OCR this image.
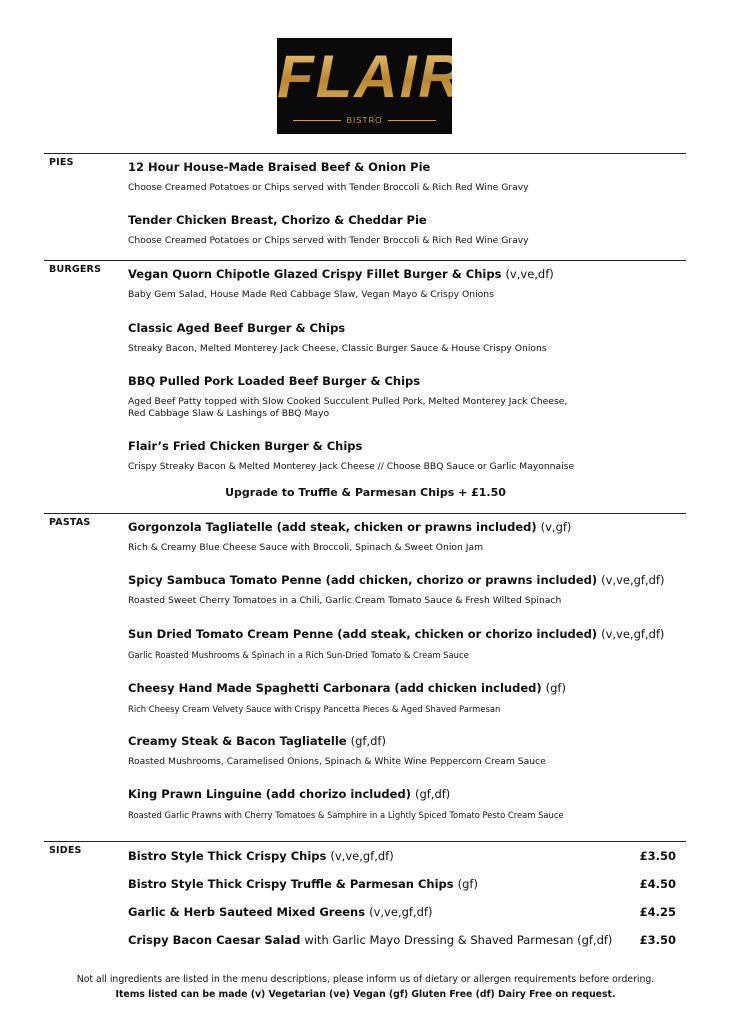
FLAIR
BISTRO
PIES	12 Hour House-Made Braised Beef & Onion Pie
Choose Creamed Potatoes or Chips served with Tender Broccoli & Rich Red Wine Gravy
Tender Chicken Breast, Chorizo & Cheddar Pie
Choose Creamed Potatoes or Chips served with Tender Broccoli & Rich Red Wine Gravy
BURGERS Vegan Quorn Chipotle Glazed Crispy Fillet Burger & Chips (v,ve,df)
Baby Gem Salad, House Made Red Cabbage Slaw, Vegan Mayo & Crispy Onions
Classic Aged Beef Burger & Chips
Streaky Bacon, Melted Monterey Jack Cheese, Classic Burger Sauce & House Crispy Onions
BBQ Pulled Pork Loaded Beef Burger & Chips
Aged Beef Patty topped with Slow Cooked Succulent Pulled Pork, Melted Monterey Jack Cheese,
Red Cabbage Slaw & Lashings of BBQ Mayo
Flair’s Fried Chicken Burger & Chips
Crispy Streaky Bacon & Melted Monterey Jack Cheese // Choose BBQ Sauce or Garlic Mayonnaise
Upgrade to Truffle & Parmesan Chips + £1.50
PASTAS	Gorgonzola Tagliatelle (add steak, chicken or prawns included) (v,gf)
Rich & Creamy Blue Cheese Sauce with Broccoli, Spinach & Sweet Onion Jam
Spicy Sambuca Tomato Penne (add chicken, chorizo or prawns included) (v,ve,gf,df)
Roasted Sweet Cherry Tomatoes in a Chili, Garlic Cream Tomato Sauce & Fresh Wilted Spinach
Sun Dried Tomato Cream Penne (add steak, chicken or chorizo included) (v,ve,gf,df)
Garlic Roasted Mushrooms & Spinach in a Rich Sun-Dried Tomato & Cream Sauce
Cheesy Hand Made Spaghetti Carbonara (add chicken included) (gf)
Rich Cheesy Cream Velvety Sauce with Crispy Pancetta Pieces & Aged Shaved Parmesan
Creamy Steak & Bacon Tagliatelle (gf,df)
Roasted Mushrooms, Caramelised Onions, Spinach & White Wine Peppercorn Cream Sauce
King Prawn Linguine (add chorizo included) (gf,df)
Roasted Garlic Prawns with Cherry Tomatoes & Samphire in a Lightly Spiced Tomato Pesto Cream Sauce
SIDES	Bistro Style Thick Crispy Chips (v,ve,gf,df)	£3.50
Bistro Style Thick Crispy Truffle & Parmesan Chips (gf)	£4.50
Garlic & Herb Sauteed Mixed Greens (v,ve,gf,df)	£4.25
Crispy Bacon Caesar Salad with Garlic Mayo Dressing & Shaved Parmesan (gf,df) £3.50
Not all ingredients are listed in the menu descriptions, please inform us of dietary or allergen requirements before ordering.
Items listed can be made (v) Vegetarian (ve) Vegan (gf) Gluten Free (df) Dairy Free on request.
